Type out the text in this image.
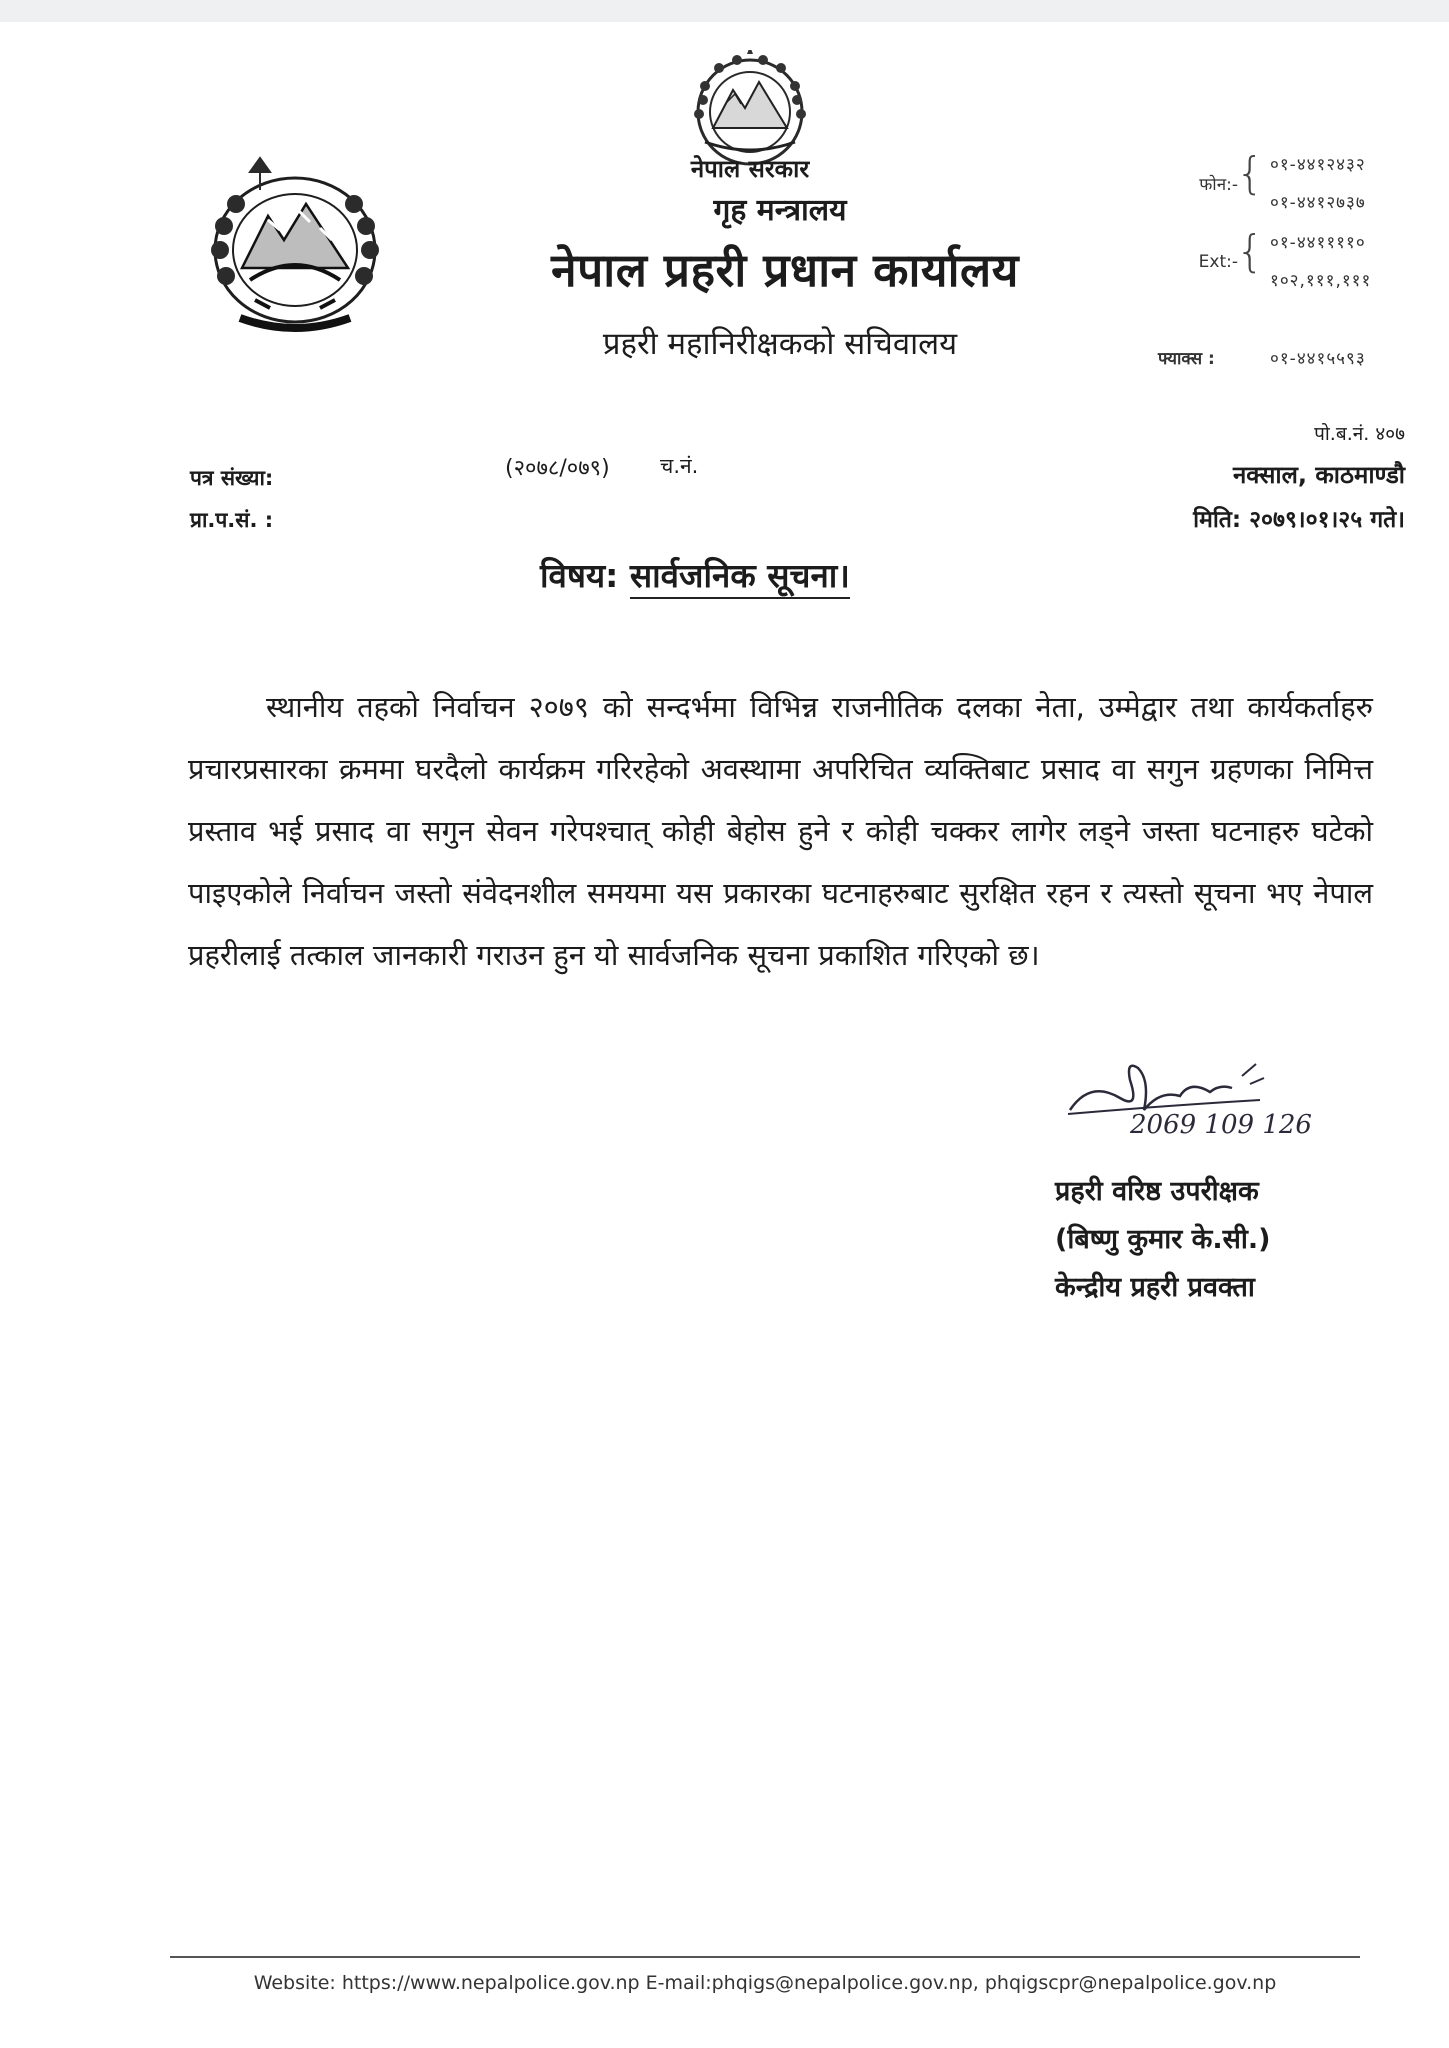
नेपाल सरकार
गृह मन्त्रालय
नेपाल प्रहरी प्रधान कार्यालय
प्रहरी महानिरीक्षकको सचिवालय
फोन:-
{ ०१-४४१२४३२
०१-४४१२७३७
Ext:-
{ ०१-४४११११०
१०२,१११,१११
फ्याक्स :	०१-४४१५५९३
पो.ब.नं. ४०७
नक्साल, काठमाण्डौ
मिति: २०७९।०१।२५ गते।
पत्र संख्या:	(२०७८/०७९) च.नं.
प्रा.प.सं. :
विषय: सार्वजनिक सूचना।
स्थानीय तहको निर्वाचन २०७९ को सन्दर्भमा विभिन्न राजनीतिक दलका नेता, उम्मेद्वार तथा कार्यकर्ताहरु प्रचारप्रसारका क्रममा घरदैलो कार्यक्रम गरिरहेको अवस्थामा अपरिचित व्यक्तिबाट प्रसाद वा सगुन ग्रहणका निमित्त प्रस्ताव भई प्रसाद वा सगुन सेवन गरेपश्चात् कोही बेहोस हुने र कोही चक्कर लागेर लड्ने जस्ता घटनाहरु घटेको पाइएकोले निर्वाचन जस्तो संवेदनशील समयमा यस प्रकारका घटनाहरुबाट सुरक्षित रहन र त्यस्तो सूचना भए नेपाल प्रहरीलाई तत्काल जानकारी गराउन हुन यो सार्वजनिक सूचना प्रकाशित गरिएको छ।
2069 109 126
प्रहरी वरिष्ठ उपरीक्षक
(बिष्णु कुमार के.सी.)
केन्द्रीय प्रहरी प्रवक्ता
Website: https://www.nepalpolice.gov.np E-mail:phqigs@nepalpolice.gov.np, phqigscpr@nepalpolice.gov.np
